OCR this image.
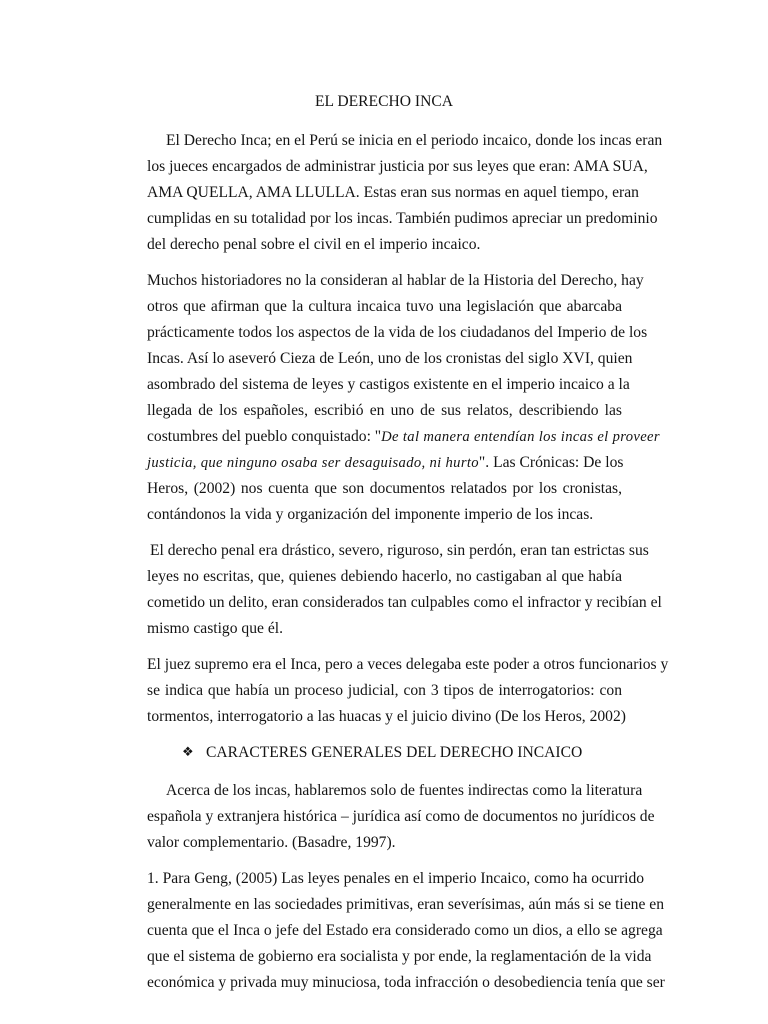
EL DERECHO INCA
El Derecho Inca; en el Perú se inicia en el periodo incaico, donde los incas eran
los jueces encargados de administrar justicia por sus leyes que eran: AMA SUA,
AMA QUELLA, AMA LLULLA. Estas eran sus normas en aquel tiempo, eran
cumplidas en su totalidad por los incas. También pudimos apreciar un predominio
del derecho penal sobre el civil en el imperio incaico.
Muchos historiadores no la consideran al hablar de la Historia del Derecho, hay
otros que afirman que la cultura incaica tuvo una legislación que abarcaba
prácticamente todos los aspectos de la vida de los ciudadanos del Imperio de los
Incas. Así lo aseveró Cieza de León, uno de los cronistas del siglo XVI, quien
asombrado del sistema de leyes y castigos existente en el imperio incaico a la
llegada de los españoles, escribió en uno de sus relatos, describiendo las
costumbres del pueblo conquistado: "De tal manera entendían los incas el proveer
justicia, que ninguno osaba ser desaguisado, ni hurto". Las Crónicas: De los
Heros, (2002) nos cuenta que son documentos relatados por los cronistas,
contándonos la vida y organización del imponente imperio de los incas.
El derecho penal era drástico, severo, riguroso, sin perdón, eran tan estrictas sus
leyes no escritas, que, quienes debiendo hacerlo, no castigaban al que había
cometido un delito, eran considerados tan culpables como el infractor y recibían el
mismo castigo que él.
El juez supremo era el Inca, pero a veces delegaba este poder a otros funcionarios y
se indica que había un proceso judicial, con 3 tipos de interrogatorios: con
tormentos, interrogatorio a las huacas y el juicio divino (De los Heros, 2002)
❖ CARACTERES GENERALES DEL DERECHO INCAICO
Acerca de los incas, hablaremos solo de fuentes indirectas como la literatura
española y extranjera histórica – jurídica así como de documentos no jurídicos de
valor complementario. (Basadre, 1997).
1. Para Geng, (2005) Las leyes penales en el imperio Incaico, como ha ocurrido
generalmente en las sociedades primitivas, eran severísimas, aún más si se tiene en
cuenta que el Inca o jefe del Estado era considerado como un dios, a ello se agrega
que el sistema de gobierno era socialista y por ende, la reglamentación de la vida
económica y privada muy minuciosa, toda infracción o desobediencia tenía que ser
